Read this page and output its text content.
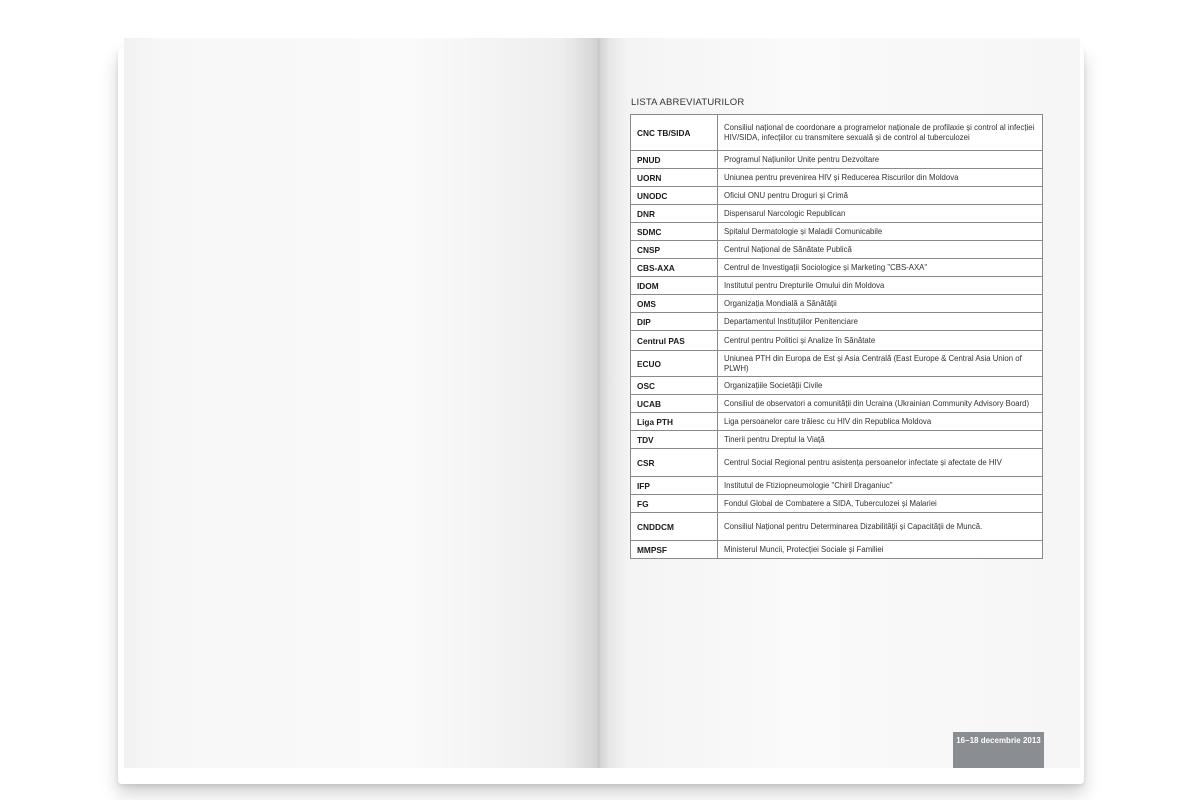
LISTA ABREVIATURILOR
CNC TB/SIDA	Consiliul național de coordonare a programelor naționale de profilaxie și control al infecției HIV/SIDA, infecțiilor cu transmitere sexuală și de control al tuberculozei
PNUD	Programul Națiunilor Unite pentru Dezvoltare
UORN	Uniunea pentru prevenirea HIV și Reducerea Riscurilor din Moldova
UNODC	Oficiul ONU pentru Droguri și Crimă
DNR	Dispensarul Narcologic Republican
SDMC	Spitalul Dermatologie și Maladii Comunicabile
CNSP	Centrul Național de Sănătate Publică
CBS-AXA	Centrul de Investigații Sociologice și Marketing "CBS-AXA"
IDOM	Institutul pentru Drepturile Omului din Moldova
OMS	Organizația Mondială a Sănătății
DIP	Departamentul Instituțiilor Penitenciare
Centrul PAS	Centrul pentru Politici și Analize în Sănătate
ECUO	Uniunea PTH din Europa de Est și Asia Centrală (East Europe & Central Asia Union of PLWH)
OSC	Organizațiile Societății Civile
UCAB	Consiliul de observatori a comunității din Ucraina (Ukrainian Community Advisory Board)
Liga PTH	Liga persoanelor care trăiesc cu HIV din Republica Moldova
TDV	Tinerii pentru Dreptul la Viață
CSR	Centrul Social Regional pentru asistența persoanelor infectate și afectate de HIV
IFP	Institutul de Ftiziopneumologie "Chiril Draganiuc"
FG	Fondul Global de Combatere a SIDA, Tuberculozei și Malariei
CNDDCM	Consiliul Național pentru Determinarea Dizabilității și Capacității de Muncă.
MMPSF	Ministerul Muncii, Protecției Sociale și Familiei
16–18 decembrie 2013
